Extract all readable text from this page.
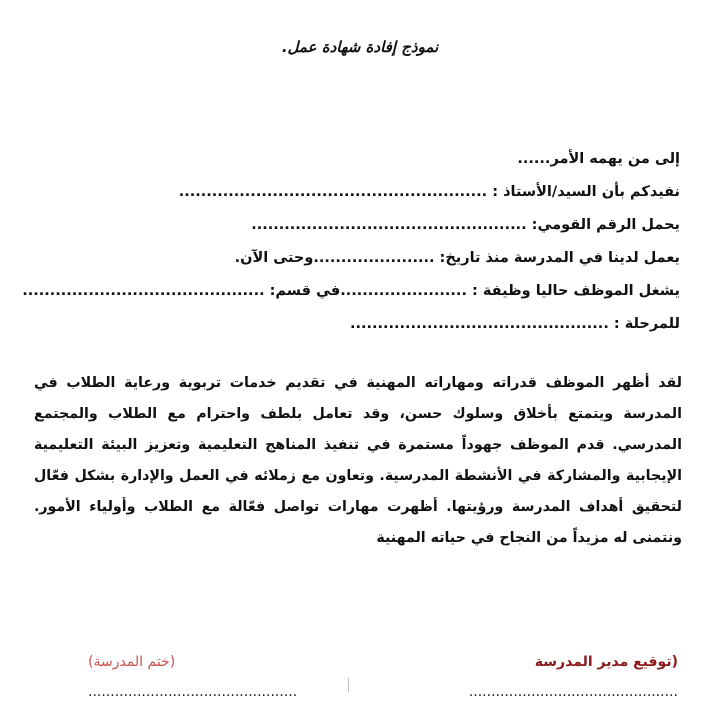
نموذج إفادة شهادة عمل.
إلى من يهمه الأمر......
نفيدكم بأن السيد/الأستاذ : ........................................................
يحمل الرقم القومي: ..................................................
يعمل لدينا في المدرسة منذ تاريخ: ......................وحتى الآن.
يشغل الموظف حاليا وظيفة : .......................في قسم: ............................................
للمرحلة : ...............................................
لقد أظهر الموظف قدراته ومهاراته المهنية في تقديم خدمات تربوية ورعاية الطلاب في المدرسة ويتمتع بأخلاق وسلوك حسن، وقد تعامل بلطف واحترام مع الطلاب والمجتمع المدرسي. قدم الموظف جهوداً مستمرة في تنفيذ المناهج التعليمية وتعزيز البيئة التعليمية الإيجابية والمشاركة في الأنشطة المدرسية. وتعاون مع زملائه في العمل والإدارة بشكل فعّال لتحقيق أهداف المدرسة ورؤيتها. أظهرت مهارات تواصل فعّالة مع الطلاب وأولياء الأمور. ونتمنى له مزيداً من النجاح في حياته المهنية
(توقيع مدير المدرسة
(ختم المدرسة)
...............................................
...............................................
